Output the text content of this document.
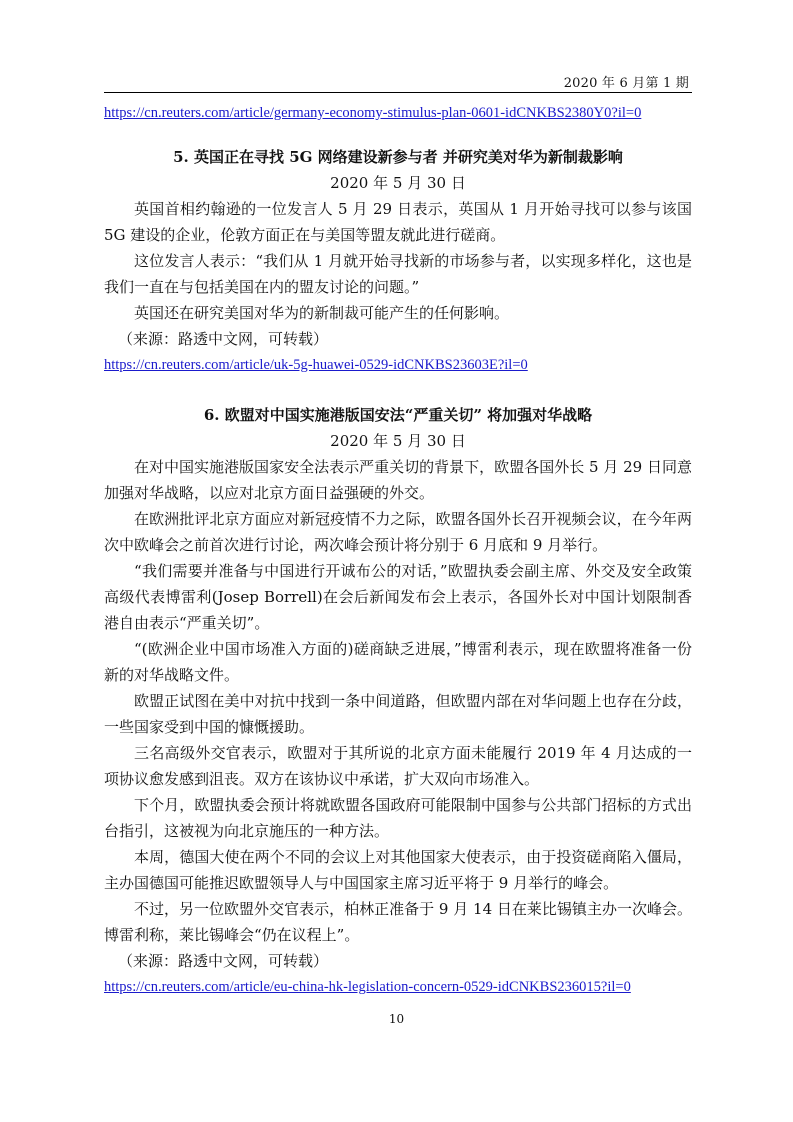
2020 年 6 月第 1 期
https://cn.reuters.com/article/germany-economy-stimulus-plan-0601-idCNKBS2380Y0?il=0
5. 英国正在寻找 5G 网络建设新参与者 并研究美对华为新制裁影响
2020 年 5 月 30 日

英国首相约翰逊的一位发言人 5 月 29 日表示，英国从 1 月开始寻找可以参与该国 5G 建设的企业，伦敦方面正在与美国等盟友就此进行磋商。

这位发言人表示：“我们从 1 月就开始寻找新的市场参与者，以实现多样化，这也是我们一直在与包括美国在内的盟友讨论的问题。”

英国还在研究美国对华为的新制裁可能产生的任何影响。

（来源：路透中文网，可转载）

https://cn.reuters.com/article/uk-5g-huawei-0529-idCNKBS23603E?il=0
6. 欧盟对中国实施港版国安法“严重关切” 将加强对华战略
2020 年 5 月 30 日

在对中国实施港版国家安全法表示严重关切的背景下，欧盟各国外长 5 月 29 日同意加强对华战略，以应对北京方面日益强硬的外交。

在欧洲批评北京方面应对新冠疫情不力之际，欧盟各国外长召开视频会议，在今年两次中欧峰会之前首次进行讨论，两次峰会预计将分别于 6 月底和 9 月举行。

“我们需要并准备与中国进行开诚布公的对话，”欧盟执委会副主席、外交及安全政策高级代表博雷利(Josep Borrell)在会后新闻发布会上表示，各国外长对中国计划限制香港自由表示“严重关切”。

“(欧洲企业中国市场准入方面的)磋商缺乏进展，”博雷利表示，现在欧盟将准备一份新的对华战略文件。

欧盟正试图在美中对抗中找到一条中间道路，但欧盟内部在对华问题上也存在分歧，一些国家受到中国的慷慨援助。

三名高级外交官表示，欧盟对于其所说的北京方面未能履行 2019 年 4 月达成的一项协议愈发感到沮丧。双方在该协议中承诺，扩大双向市场准入。

下个月，欧盟执委会预计将就欧盟各国政府可能限制中国参与公共部门招标的方式出台指引，这被视为向北京施压的一种方法。

本周，德国大使在两个不同的会议上对其他国家大使表示，由于投资磋商陷入僵局，主办国德国可能推迟欧盟领导人与中国国家主席习近平将于 9 月举行的峰会。

不过，另一位欧盟外交官表示，柏林正准备于 9 月 14 日在莱比锡镇主办一次峰会。博雷利称，莱比锡峰会“仍在议程上”。

（来源：路透中文网，可转载）

https://cn.reuters.com/article/eu-china-hk-legislation-concern-0529-idCNKBS236015?il=0
10
